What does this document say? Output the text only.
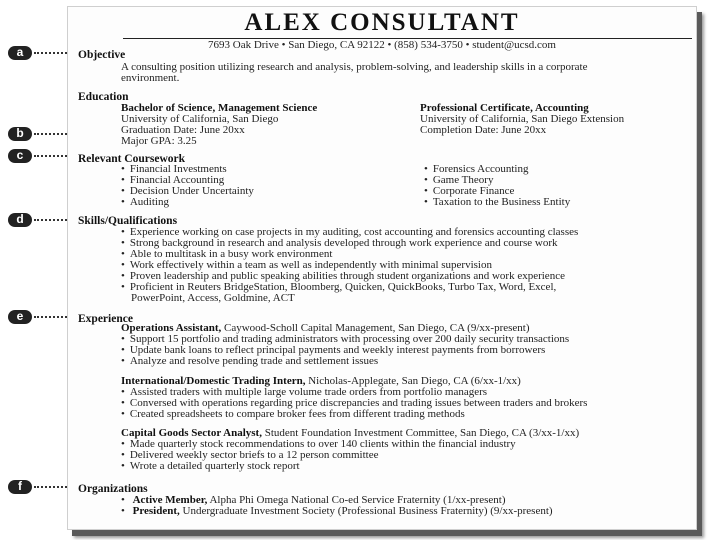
a
b
c
d
e
f
ALEX CONSULTANT
7693 Oak Drive • San Diego, CA 92122 • (858) 534-3750 • student@ucsd.com
Objective
A consulting position utilizing research and analysis, problem-solving, and leadership skills in a corporate
environment.
Education
Bachelor of Science, Management Science
University of California, San Diego
Graduation Date: June 20xx
Major GPA: 3.25
Professional Certificate, Accounting
University of California, San Diego Extension
Completion Date: June 20xx
Relevant Coursework
• Financial Investments
• Financial Accounting
• Decision Under Uncertainty
• Auditing
• Forensics Accounting
• Game Theory
• Corporate Finance
• Taxation to the Business Entity
Skills/Qualifications
• Experience working on case projects in my auditing, cost accounting and forensics accounting classes
• Strong background in research and analysis developed through work experience and course work
• Able to multitask in a busy work environment
• Work effectively within a team as well as independently with minimal supervision
• Proven leadership and public speaking abilities through student organizations and work experience
• Proficient in Reuters BridgeStation, Bloomberg, Quicken, QuickBooks, Turbo Tax, Word, Excel,
PowerPoint, Access, Goldmine, ACT
Experience
Operations Assistant, Caywood-Scholl Capital Management, San Diego, CA (9/xx-present)
• Support 15 portfolio and trading administrators with processing over 200 daily security transactions
• Update bank loans to reflect principal payments and weekly interest payments from borrowers
• Analyze and resolve pending trade and settlement issues
International/Domestic Trading Intern, Nicholas-Applegate, San Diego, CA (6/xx-1/xx)
• Assisted traders with multiple large volume trade orders from portfolio managers
• Conversed with operations regarding price discrepancies and trading issues between traders and brokers
• Created spreadsheets to compare broker fees from different trading methods
Capital Goods Sector Analyst, Student Foundation Investment Committee, San Diego, CA (3/xx-1/xx)
• Made quarterly stock recommendations to over 140 clients within the financial industry
• Delivered weekly sector briefs to a 12 person committee
• Wrote a detailed quarterly stock report
Organizations
• Active Member, Alpha Phi Omega National Co-ed Service Fraternity (1/xx-present)
• President, Undergraduate Investment Society (Professional Business Fraternity) (9/xx-present)
